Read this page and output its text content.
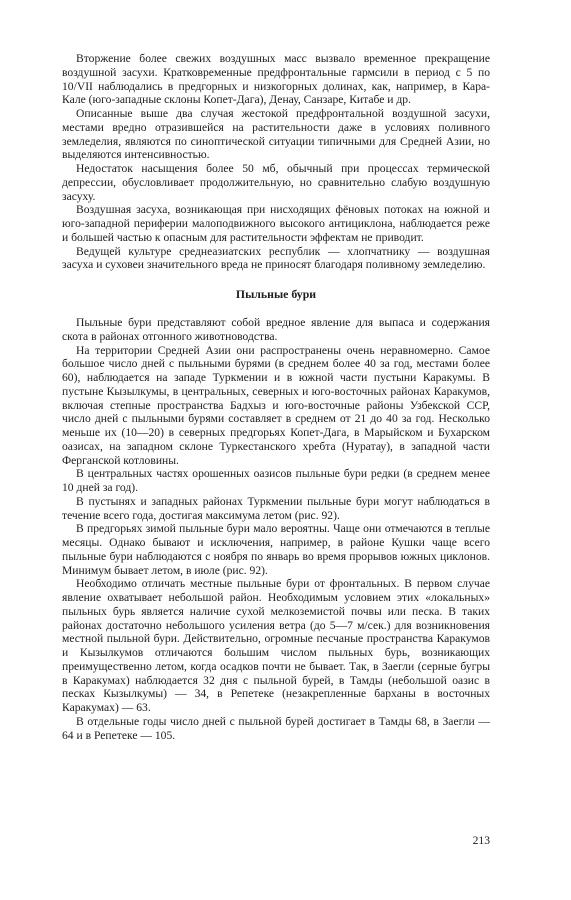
Вторжение более свежих воздушных масс вызвало временное прекращение воздушной засухи. Кратковременные предфронтальные гармсили в период с 5 по 10/VII наблюдались в предгорных и низкогорных долинах, как, например, в Кара-Кале (юго-западные склоны Копет-Дага), Денау, Санзаре, Китабе и др.

Описанные выше два случая жестокой предфронтальной воздушной засухи, местами вредно отразившейся на растительности даже в условиях поливного земледелия, являются по синоптической ситуации типичными для Средней Азии, но выделяются интенсивностью.

Недостаток насыщения более 50 мб, обычный при процессах термической депрессии, обусловливает продолжительную, но сравнительно слабую воздушную засуху.

Воздушная засуха, возникающая при нисходящих фёновых потоках на южной и юго-западной периферии малоподвижного высокого антициклона, наблюдается реже и большей частью к опасным для растительности эффектам не приводит.

Ведущей культуре среднеазиатских республик — хлопчатнику — воздушная засуха и суховеи значительного вреда не приносят благодаря поливному земледелию.

Пыльные бури

Пыльные бури представляют собой вредное явление для выпаса и содержания скота в районах отгонного животноводства.

На территории Средней Азии они распространены очень неравномерно. Самое большое число дней с пыльными бурями (в среднем более 40 за год, местами более 60), наблюдается на западе Туркмении и в южной части пустыни Каракумы. В пустыне Кызылкумы, в центральных, северных и юго-восточных районах Каракумов, включая степные пространства Бадхыз и юго-восточные районы Узбекской ССР, число дней с пыльными бурями составляет в среднем от 21 до 40 за год. Несколько меньше их (10—20) в северных предгорьях Копет-Дага, в Марыйском и Бухарском оазисах, на западном склоне Туркестанского хребта (Нуратау), в западной части Ферганской котловины.

В центральных частях орошенных оазисов пыльные бури редки (в среднем менее 10 дней за год).

В пустынях и западных районах Туркмении пыльные бури могут наблюдаться в течение всего года, достигая максимума летом (рис. 92).

В предгорьях зимой пыльные бури мало вероятны. Чаще они отмечаются в теплые месяцы. Однако бывают и исключения, например, в районе Кушки чаще всего пыльные бури наблюдаются с ноября по январь во время прорывов южных циклонов. Минимум бывает летом, в июле (рис. 92).

Необходимо отличать местные пыльные бури от фронтальных. В первом случае явление охватывает небольшой район. Необходимым условием этих «локальных» пыльных бурь является наличие сухой мелкоземистой почвы или песка. В таких районах достаточно небольшого усиления ветра (до 5—7 м/сек.) для возникновения местной пыльной бури. Действительно, огромные песчаные пространства Каракумов и Кызылкумов отличаются большим числом пыльных бурь, возникающих преимущественно летом, когда осадков почти не бывает. Так, в Заегли (серные бугры в Каракумах) наблюдается 32 дня с пыльной бурей, в Тамды (небольшой оазис в песках Кызылкумы) — 34, в Репетеке (незакрепленные барханы в восточных Каракумах) — 63.

В отдельные годы число дней с пыльной бурей достигает в Тамды 68, в Заегли — 64 и в Репетеке — 105.

213
